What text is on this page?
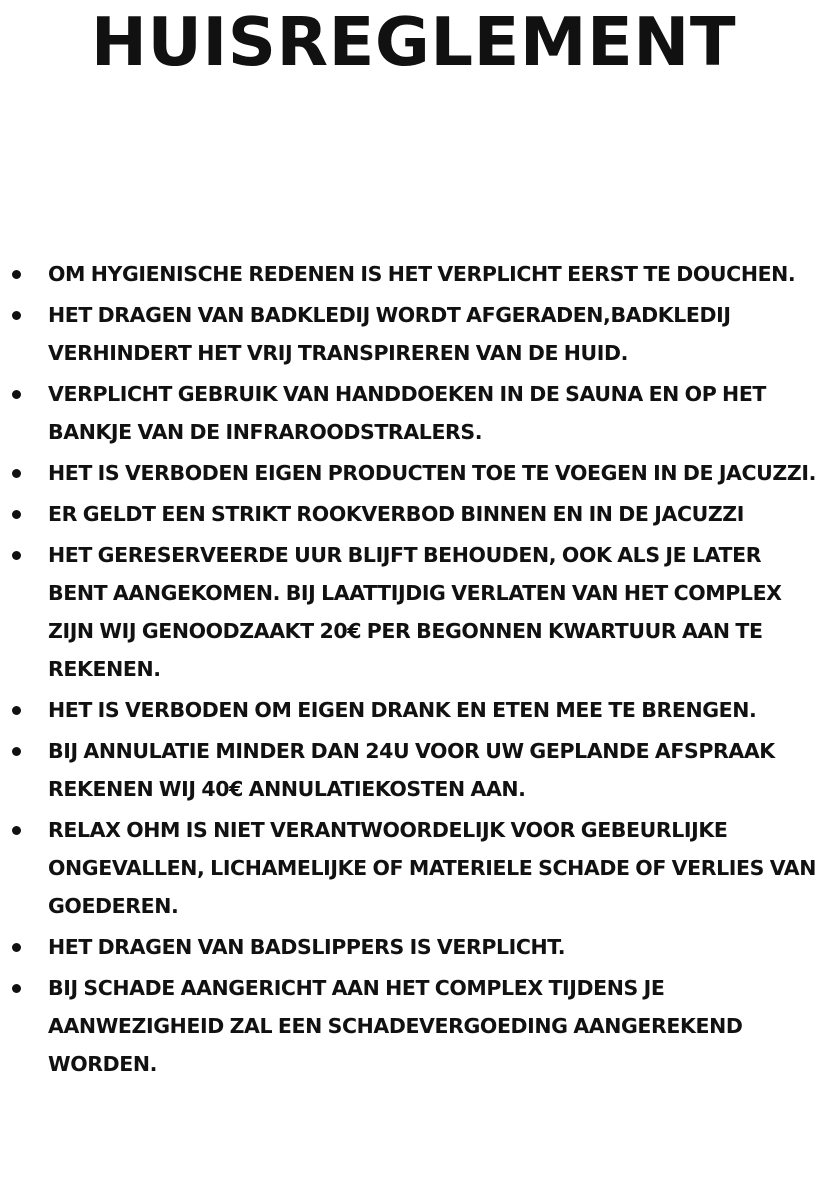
HUISREGLEMENT
OM HYGIENISCHE REDENEN IS HET VERPLICHT EERST TE DOUCHEN.
HET DRAGEN VAN BADKLEDIJ WORDT AFGERADEN,BADKLEDIJ VERHINDERT HET VRIJ TRANSPIREREN VAN DE HUID.
VERPLICHT GEBRUIK VAN HANDDOEKEN IN DE SAUNA EN OP HET BANKJE VAN DE INFRAROODSTRALERS.
HET IS VERBODEN EIGEN PRODUCTEN TOE TE VOEGEN IN DE JACUZZI.
ER GELDT EEN STRIKT ROOKVERBOD BINNEN EN IN DE JACUZZI
HET GERESERVEERDE UUR BLIJFT BEHOUDEN, OOK ALS JE LATER BENT AANGEKOMEN. BIJ LAATTIJDIG VERLATEN VAN HET COMPLEX ZIJN WIJ GENOODZAAKT 20€ PER BEGONNEN KWARTUUR AAN TE REKENEN.
HET IS VERBODEN OM EIGEN DRANK EN ETEN MEE TE BRENGEN.
BIJ ANNULATIE MINDER DAN 24U VOOR UW GEPLANDE AFSPRAAK REKENEN WIJ 40€ ANNULATIEKOSTEN AAN.
RELAX OHM IS NIET VERANTWOORDELIJK VOOR GEBEURLIJKE ONGEVALLEN, LICHAMELIJKE OF MATERIELE SCHADE OF VERLIES VAN GOEDEREN.
HET DRAGEN VAN BADSLIPPERS IS VERPLICHT.
BIJ SCHADE AANGERICHT AAN HET COMPLEX TIJDENS JE AANWEZIGHEID ZAL EEN SCHADEVERGOEDING AANGEREKEND WORDEN.
